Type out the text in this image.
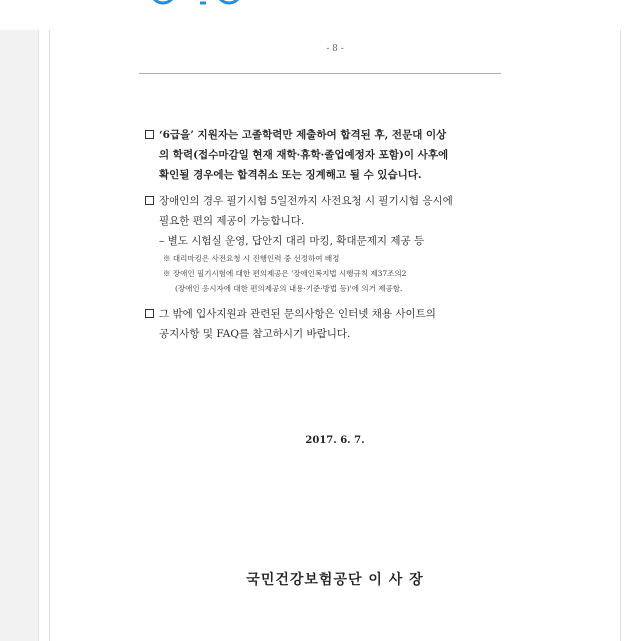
- 8 -
‘6급을’ 지원자는 고졸학력만 제출하여 합격된 후, 전문대 이상
의 학력(접수마감일 현재 재학·휴학·졸업예정자 포함)이 사후에
확인될 경우에는 합격취소 또는 징계해고 될 수 있습니다.
장애인의 경우 필기시험 5일전까지 사전요청 시 필기시험 응시에
필요한 편의 제공이 가능합니다.
– 별도 시험실 운영, 답안지 대리 마킹, 확대문제지 제공 등
※ 대리마킹은 사전요청 시 진행인력 중 선정하여 배정
※ 장애인 필기시험에 대한 편의제공은 '장애인복지법 시행규칙 제37조의2
(장애인 응시자에 대한 편의제공의 내용·기준·방법 등)'에 의거 제공함.
그 밖에 입사지원과 관련된 문의사항은 인터넷 채용 사이트의
공지사항 및 FAQ를 참고하시기 바랍니다.
2017. 6. 7.
국민건강보험공단 이 사 장
